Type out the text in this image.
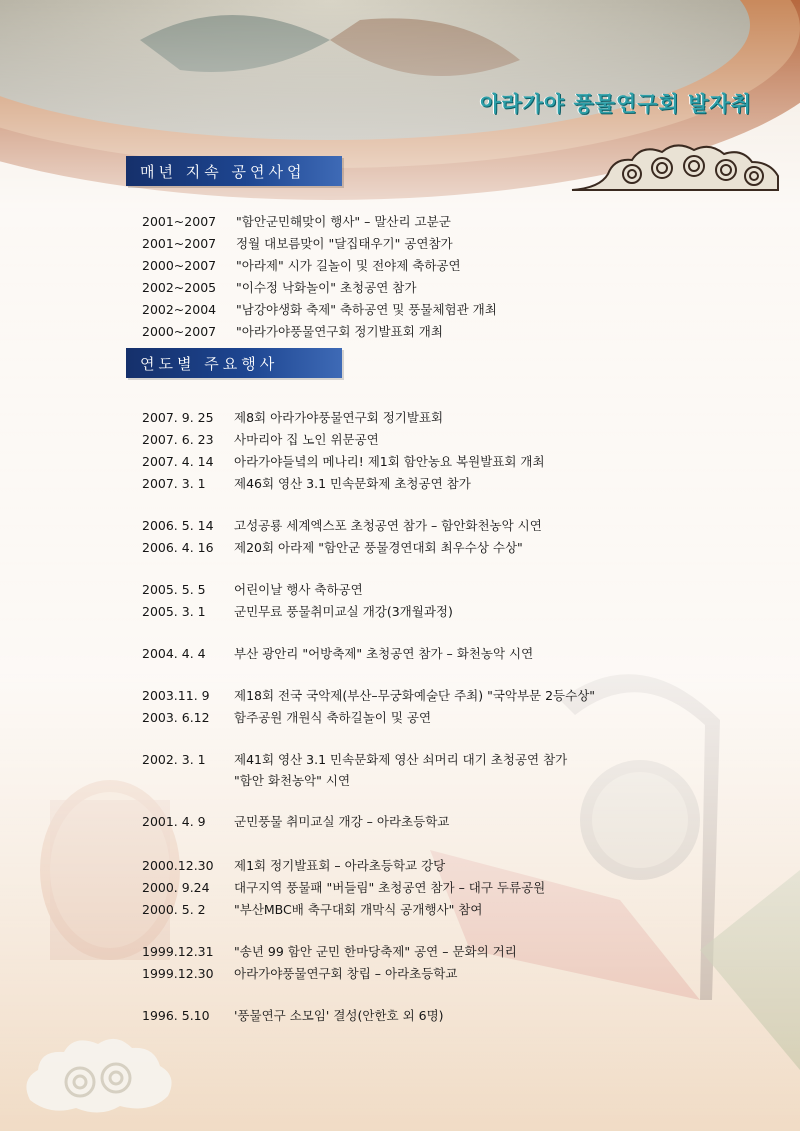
아라가야 풍물연구회 발자취
매년 지속 공연사업
연도별 주요행사
2001~2007 "함안군민해맞이 행사" – 말산리 고분군
2001~2007 정월 대보름맞이 "달집태우기" 공연참가
2000~2007 "아라제" 시가 길놀이 및 전야제 축하공연
2002~2005 "이수정 낙화놀이" 초청공연 참가
2002~2004 "남강야생화 축제" 축하공연 및 풍물체험관 개최
2000~2007 "아라가야풍물연구회 정기발표회 개최
2007. 9. 25 제8회 아라가야풍물연구회 정기발표회
2007. 6. 23 사마리아 집 노인 위문공연
2007. 4. 14 아라가야들녘의 메나리! 제1회 함안농요 복원발표회 개최
2007. 3. 1 제46회 영산 3.1 민속문화제 초청공연 참가
2006. 5. 14 고성공룡 세계엑스포 초청공연 참가 – 함안화천농악 시연
2006. 4. 16 제20회 아라제 "함안군 풍물경연대회 최우수상 수상"
2005. 5. 5 어린이날 행사 축하공연
2005. 3. 1 군민무료 풍물취미교실 개강(3개월과정)
2004. 4. 4 부산 광안리 "어방축제" 초청공연 참가 – 화천농악 시연
2003.11. 9 제18회 전국 국악제(부산–무궁화예술단 주최) "국악부문 2등수상"
2003. 6.12 함주공원 개원식 축하길놀이 및 공연
2002. 3. 1 제41회 영산 3.1 민속문화제 영산 쇠머리 대기 초청공연 참가
"함안 화천농악" 시연
2001. 4. 9 군민풍물 취미교실 개강 – 아라초등학교
2000.12.30 제1회 정기발표회 – 아라초등학교 강당
2000. 9.24 대구지역 풍물패 "버들림" 초청공연 참가 – 대구 두류공원
2000. 5. 2 "부산MBC배 축구대회 개막식 공개행사" 참여
1999.12.31 "송년 99 함안 군민 한마당축제" 공연 – 문화의 거리
1999.12.30 아라가야풍물연구회 창립 – 아라초등학교
1996. 5.10 '풍물연구 소모임' 결성(안한호 외 6명)
